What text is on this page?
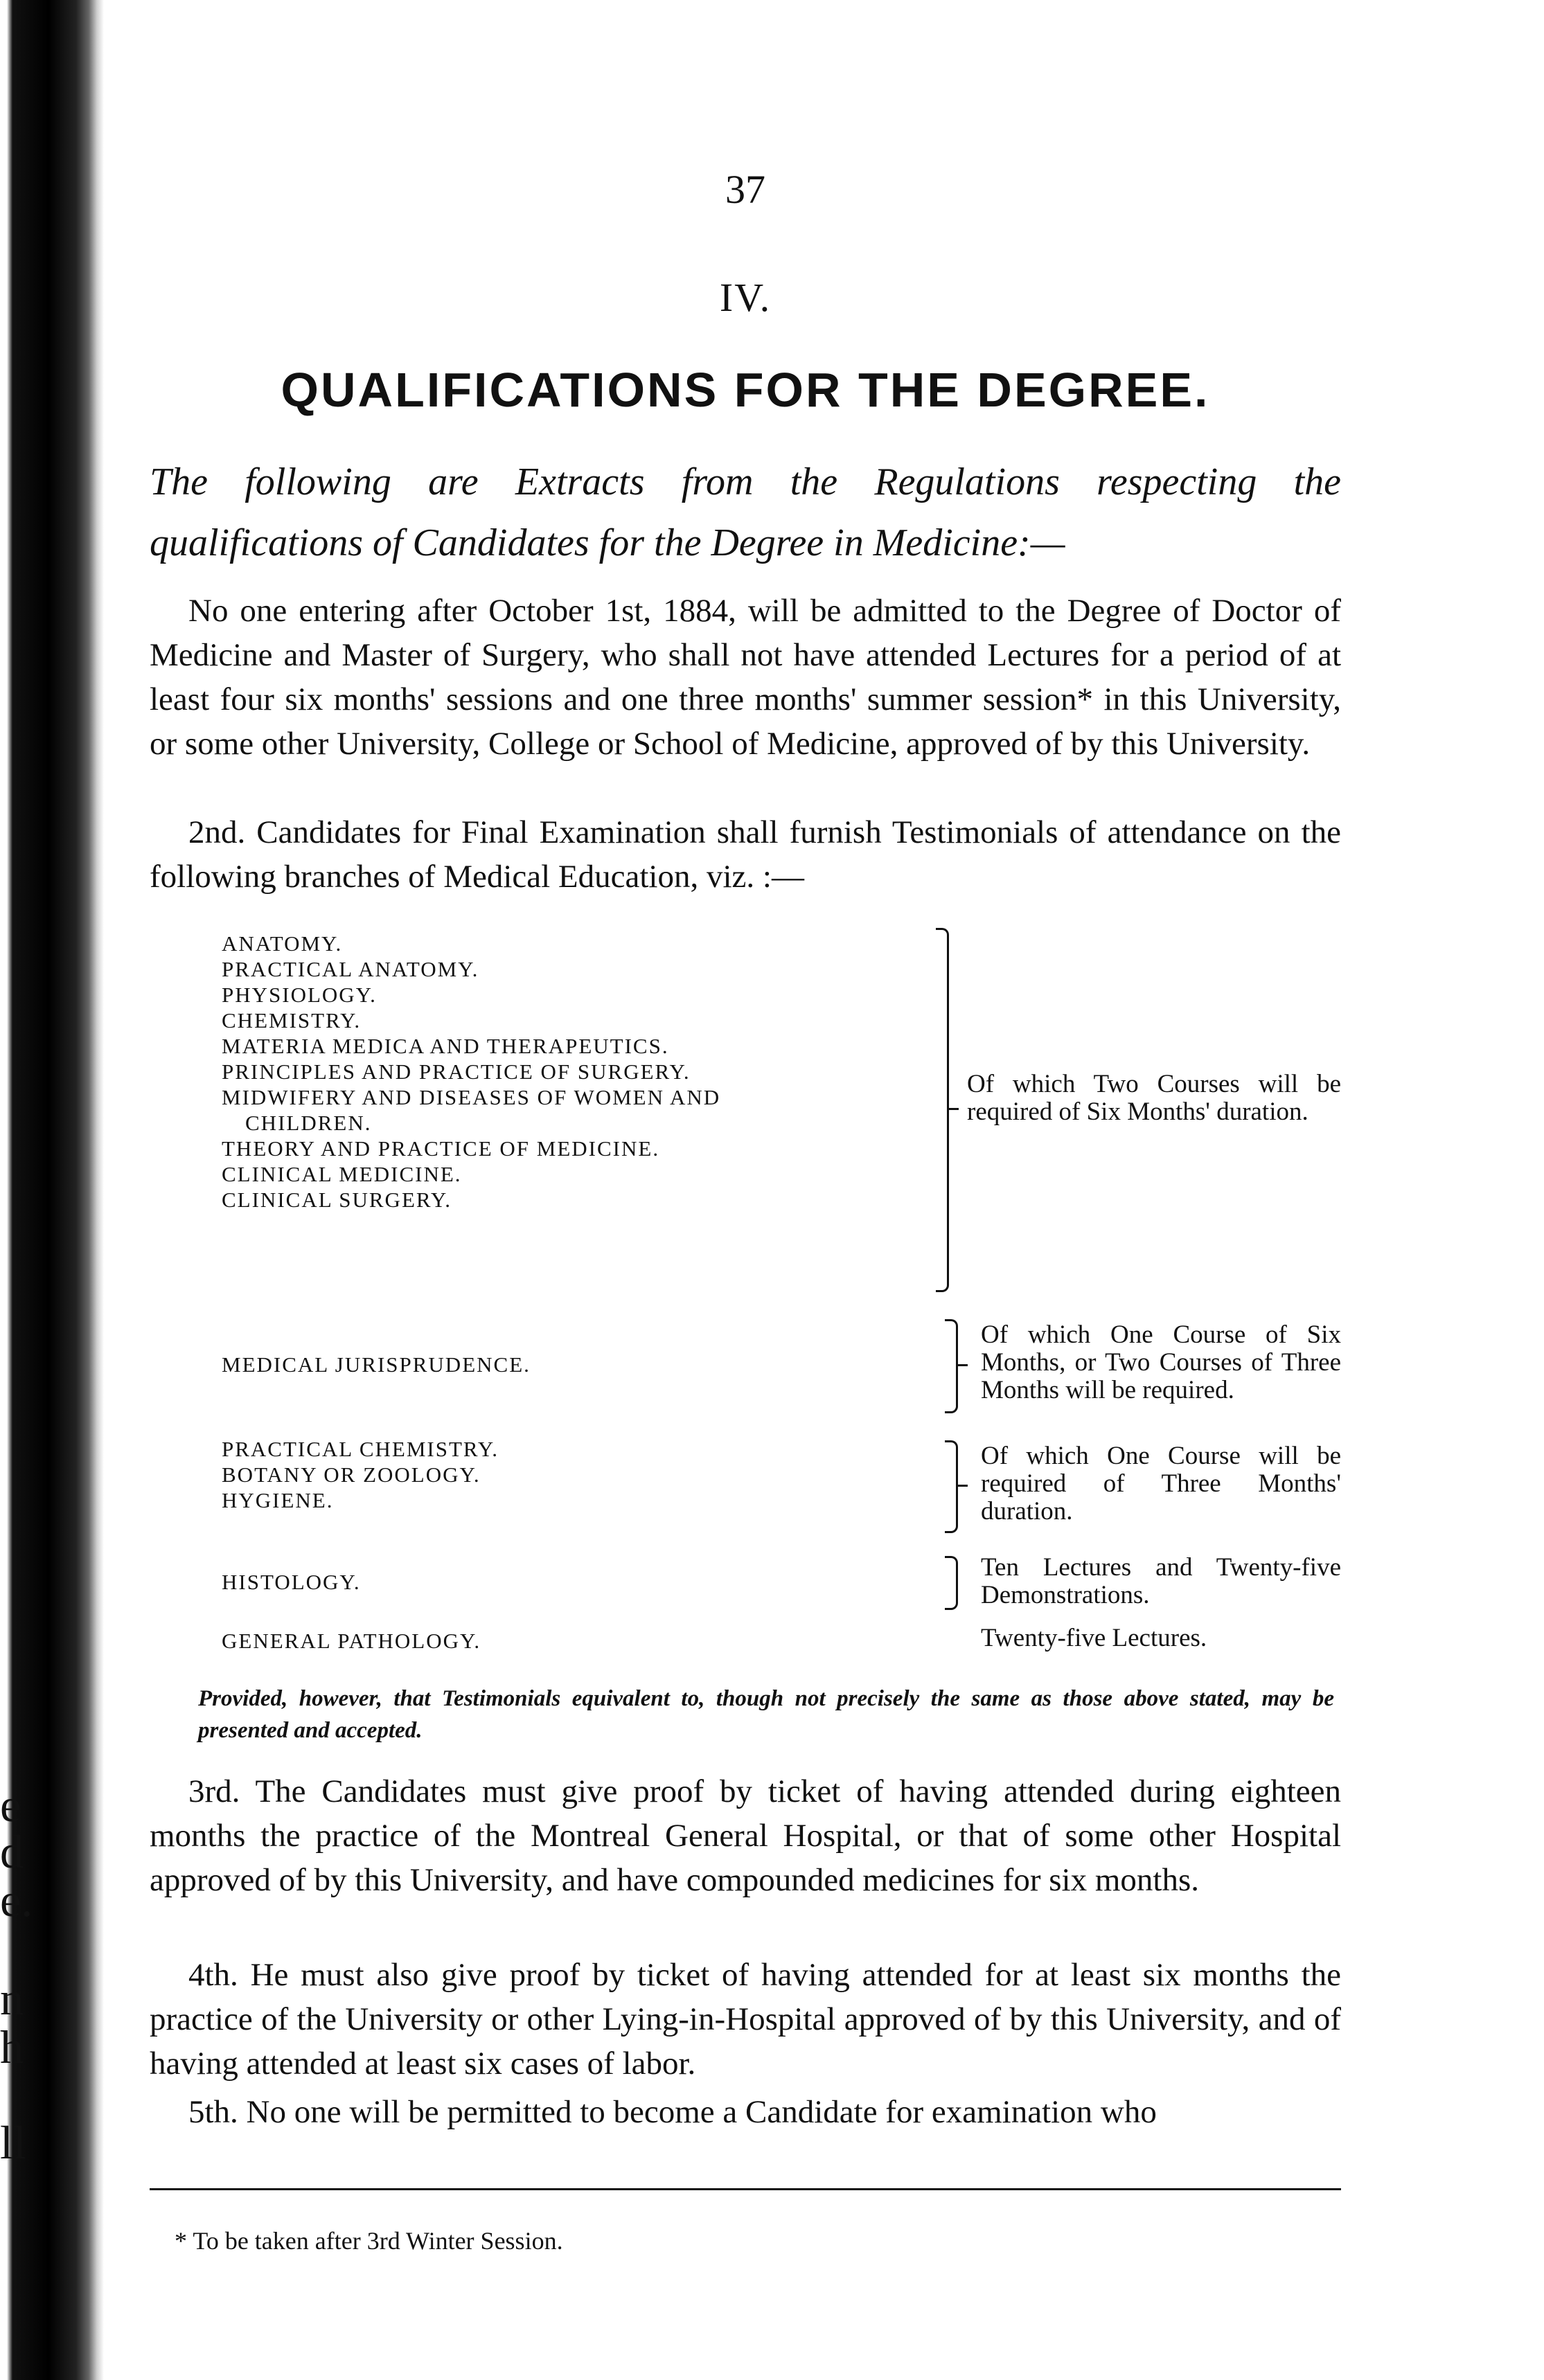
e
d
e.
n
h
ll
37
IV.
QUALIFICATIONS FOR THE DEGREE.
The following are Extracts from the Regulations respecting the qualifications of Candidates for the Degree in Medicine:—
No one entering after October 1st, 1884, will be admitted to the Degree of Doctor of Medicine and Master of Surgery, who shall not have attended Lectures for a period of at least four six months' sessions and one three months' summer session* in this University, or some other University, College or School of Medicine, approved of by this University.
2nd. Candidates for Final Examination shall furnish Testimonials of attendance on the following branches of Medical Education, viz. :—
ANATOMY.
PRACTICAL ANATOMY.
PHYSIOLOGY.
CHEMISTRY.
MATERIA MEDICA AND THERAPEUTICS.
PRINCIPLES AND PRACTICE OF SURGERY.
MIDWIFERY AND DISEASES OF WOMEN AND
CHILDREN.
THEORY AND PRACTICE OF MEDICINE.
CLINICAL MEDICINE.
CLINICAL SURGERY.
Of which Two Courses will be required of Six Months' duration.
MEDICAL JURISPRUDENCE.
Of which One Course of Six Months, or Two Courses of Three Months will be required.
PRACTICAL CHEMISTRY.
BOTANY OR ZOOLOGY.
HYGIENE.
Of which One Course will be required of Three Months' duration.
HISTOLOGY.
Ten Lectures and Twenty-five Demonstrations.
GENERAL PATHOLOGY.	Twenty-five Lectures.
Provided, however, that Testimonials equivalent to, though not precisely the same as those above stated, may be presented and accepted.
3rd. The Candidates must give proof by ticket of having attended during eighteen months the practice of the Montreal General Hospital, or that of some other Hospital approved of by this University, and have compounded medicines for six months.
4th. He must also give proof by ticket of having attended for at least six months the practice of the University or other Lying-in-Hospital approved of by this University, and of having attended at least six cases of labor.
5th. No one will be permitted to become a Candidate for examination who
* To be taken after 3rd Winter Session.
